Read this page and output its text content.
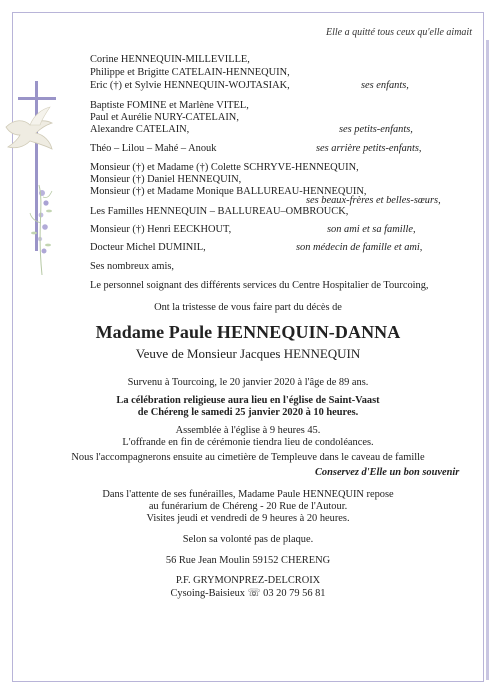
Elle a quitté tous ceux qu'elle aimait
Corine HENNEQUIN-MILLEVILLE,
Philippe et Brigitte CATELAIN-HENNEQUIN,
Eric (†) et Sylvie HENNEQUIN-WOJTASIAK,	ses enfants,
Baptiste FOMINE et Marlène VITEL,
Paul et Aurélie NURY-CATELAIN,
Alexandre CATELAIN,	ses petits-enfants,
Théo – Lilou – Mahé – Anouk	ses arrière petits-enfants,
Monsieur (†) et Madame (†) Colette SCHRYVE-HENNEQUIN,
Monsieur (†) Daniel HENNEQUIN,
Monsieur (†) et Madame Monique BALLUREAU-HENNEQUIN,
ses beaux-frères et belles-sœurs,
Les Familles HENNEQUIN – BALLUREAU–OMBROUCK,
Monsieur (†) Henri EECKHOUT,	son ami et sa famille,
Docteur Michel DUMINIL,	son médecin de famille et ami,
Ses nombreux amis,
Le personnel soignant des différents services du Centre Hospitalier de Tourcoing,
Ont la tristesse de vous faire part du décès de
Madame Paule HENNEQUIN-DANNA
Veuve de Monsieur Jacques HENNEQUIN
Survenu à Tourcoing, le 20 janvier 2020 à l'âge de 89 ans.
La célébration religieuse aura lieu en l'église de Saint-Vaast
de Chéreng le samedi 25 janvier 2020 à 10 heures.
Assemblée à l'église à 9 heures 45.
L'offrande en fin de cérémonie tiendra lieu de condoléances.
Nous l'accompagnerons ensuite au cimetière de Templeuve dans le caveau de famille
Conservez d'Elle un bon souvenir
Dans l'attente de ses funérailles, Madame Paule HENNEQUIN repose
au funérarium de Chéreng - 20 Rue de l'Autour.
Visites jeudi et vendredi de 9 heures à 20 heures.
Selon sa volonté pas de plaque.
56 Rue Jean Moulin 59152 CHERENG
P.F. GRYMONPREZ-DELCROIX
Cysoing-Baisieux ☏ 03 20 79 56 81
